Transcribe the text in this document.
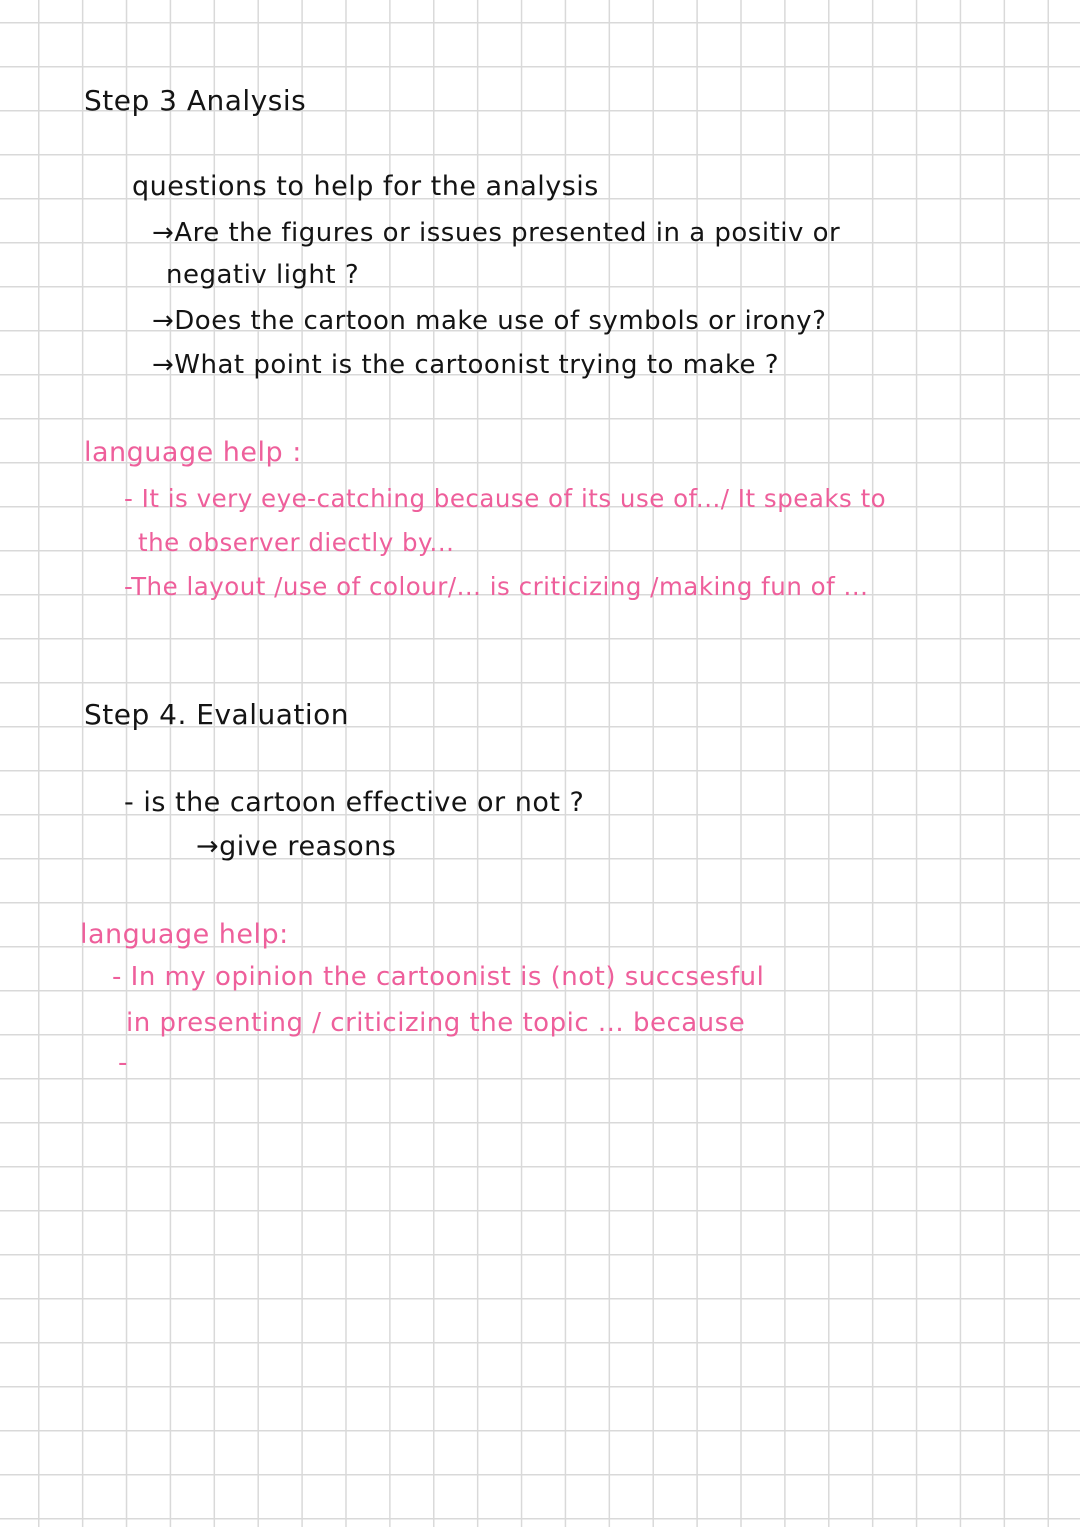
Step 3 Analysis
questions to help for the analysis
→Are the figures or issues presented in a positiv or
negativ light ?
→Does the cartoon make use of symbols or irony?
→What point is the cartoonist trying to make ?
language help :
- It is very eye-catching because of its use of.../ It speaks to
the observer diectly by...
-The layout /use of colour/... is criticizing /making fun of ...
Step 4. Evaluation
- is the cartoon effective or not ?
→give reasons
language help:
- In my opinion the cartoonist is (not) succsesful
in presenting / criticizing the topic ... because
-
